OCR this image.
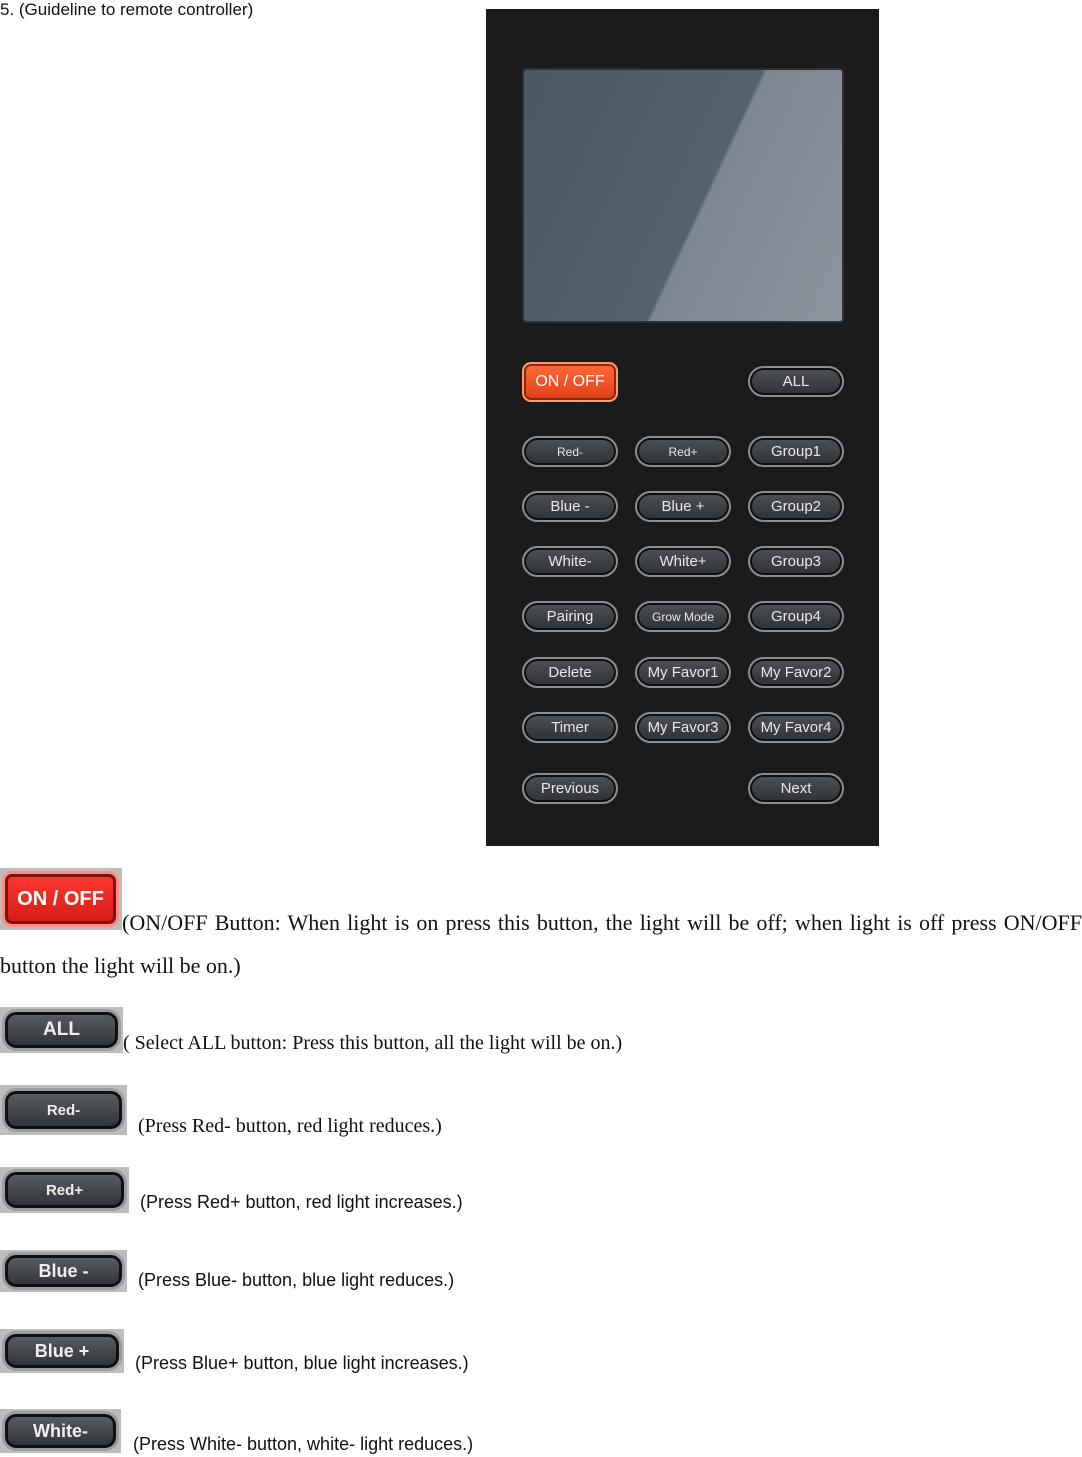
5. (Guideline to remote controller)
ON / OFF	ALL
Red-	Red+	Group1
Blue -	Blue +	Group2
White-	White+	Group3
Pairing	Grow Mode	Group4
Delete	My Favor1	My Favor2
Timer	My Favor3	My Favor4
Previous	Next
ON / OFF
(ON/OFF Button: When light is on press this button, the light will be off; when light is off press ON/OFF button the light will be on.)
ALL
( Select ALL button: Press this button, all the light will be on.)
Red-
(Press Red- button, red light reduces.)
Red+
(Press Red+ button, red light increases.)
Blue -	(Press Blue- button, blue light reduces.)
Blue +
(Press Blue+ button, blue light increases.)
White-
(Press White- button, white- light reduces.)
